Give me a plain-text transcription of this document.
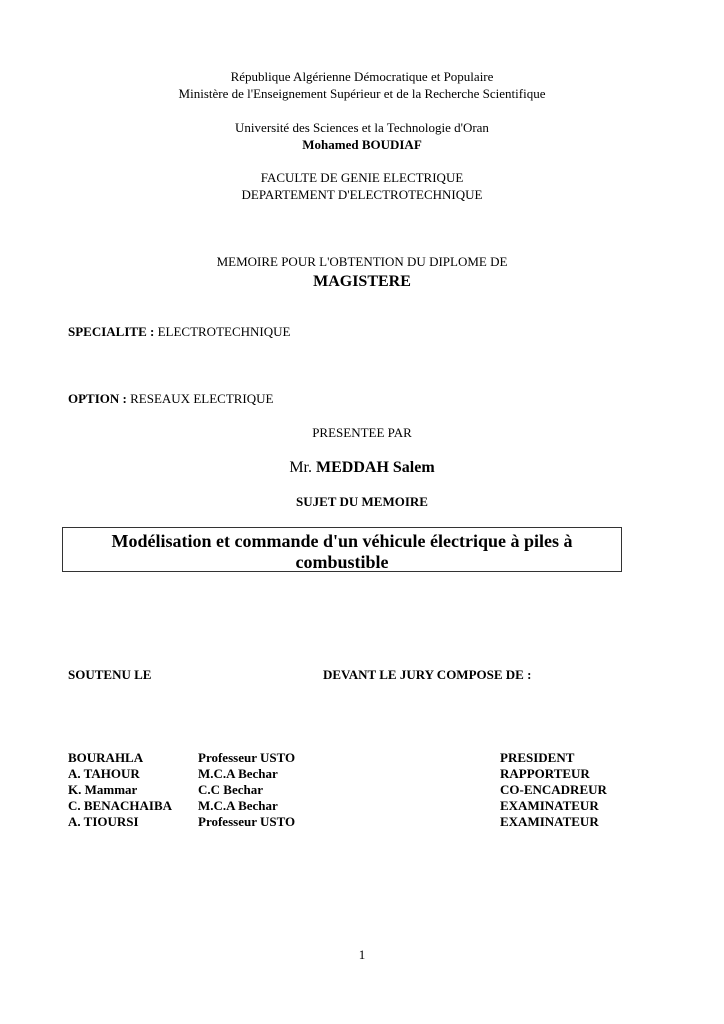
République Algérienne Démocratique et Populaire
Ministère de l'Enseignement Supérieur et de la Recherche Scientifique
Université des Sciences et la Technologie d'Oran
Mohamed BOUDIAF
FACULTE DE GENIE ELECTRIQUE
DEPARTEMENT D'ELECTROTECHNIQUE
MEMOIRE POUR L'OBTENTION DU DIPLOME DE
MAGISTERE
SPECIALITE : ELECTROTECHNIQUE
OPTION : RESEAUX ELECTRIQUE
PRESENTEE PAR
Mr. MEDDAH Salem
SUJET DU MEMOIRE
Modélisation et commande d'un véhicule électrique à piles à combustible
SOUTENU LE	DEVANT LE JURY COMPOSE DE :
BOURAHLA
A. TAHOUR
K. Mammar
C. BENACHAIBA
A. TIOURSI
Professeur USTO
M.C.A Bechar
C.C Bechar
M.C.A Bechar
Professeur USTO
PRESIDENT
RAPPORTEUR
CO-ENCADREUR
EXAMINATEUR
EXAMINATEUR
1
